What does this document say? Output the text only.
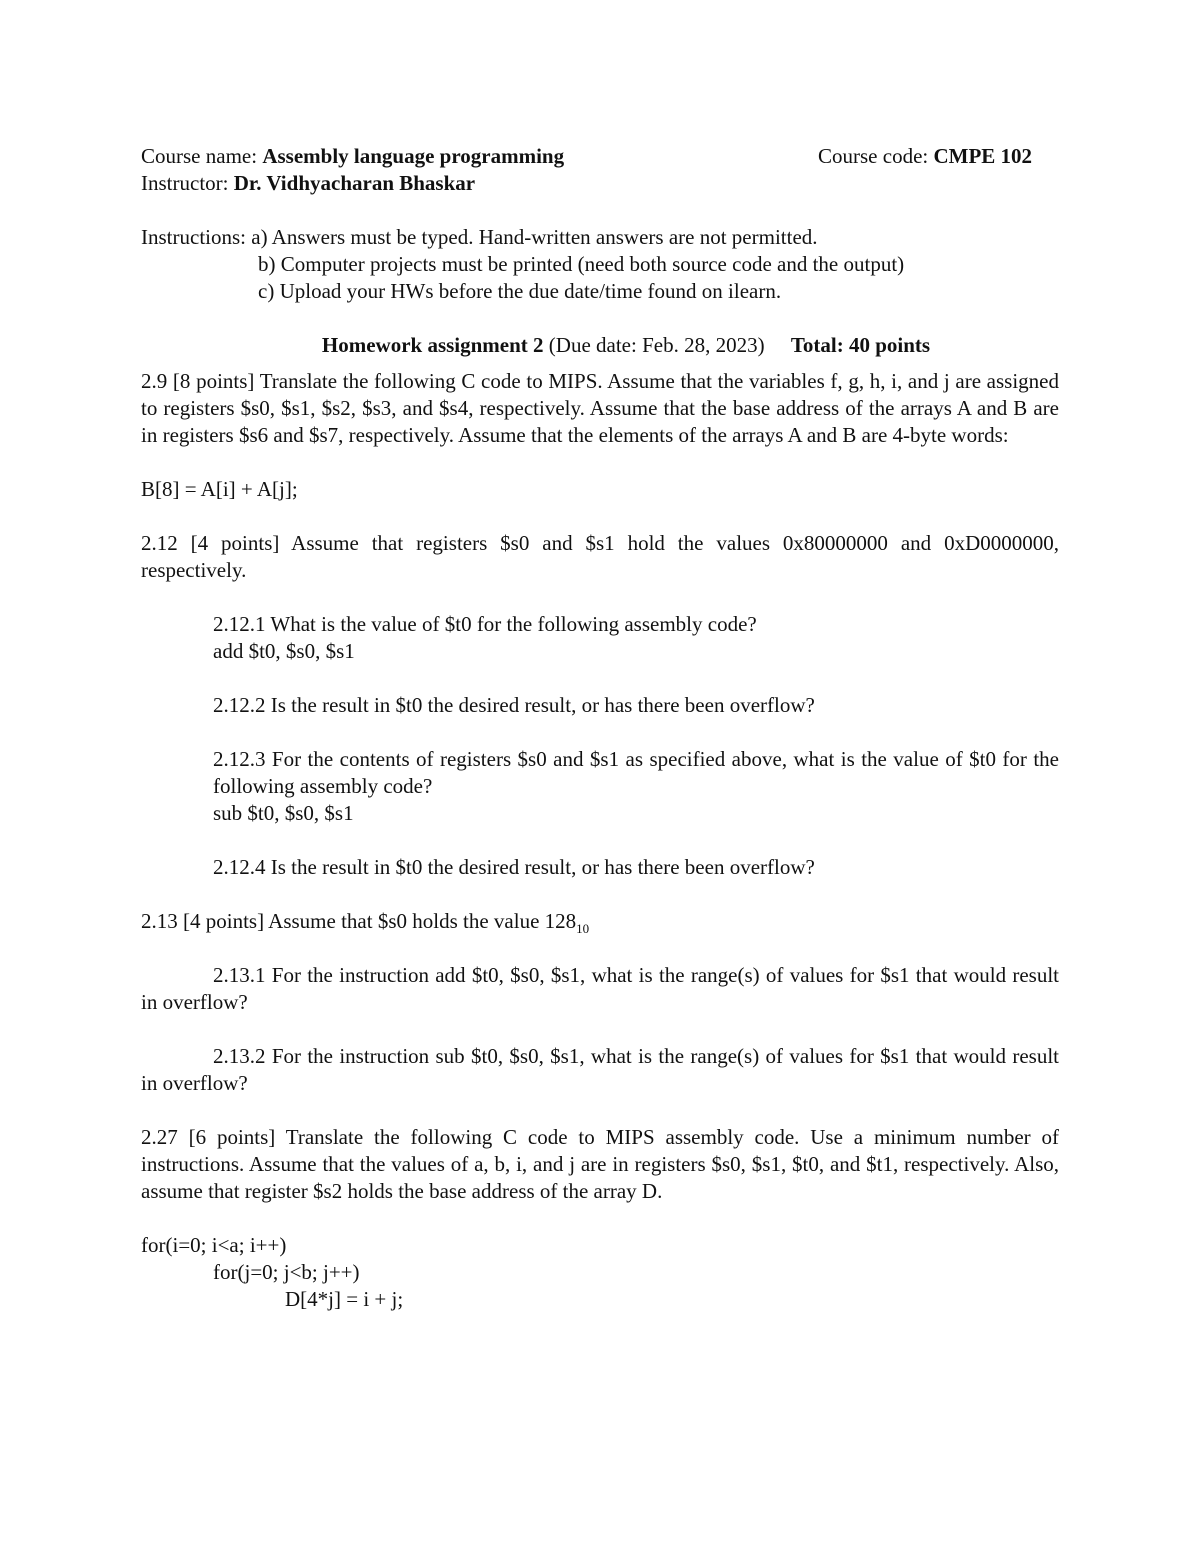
Course name: Assembly language programming	Course code: CMPE 102
Instructor: Dr. Vidhyacharan Bhaskar
Instructions: a) Answers must be typed. Hand-written answers are not permitted.
b) Computer projects must be printed (need both source code and the output)
c) Upload your HWs before the due date/time found on ilearn.
Homework assignment 2 (Due date: Feb. 28, 2023) Total: 40 points
2.9 [8 points] Translate the following C code to MIPS. Assume that the variables f, g, h, i, and j are assigned to registers $s0, $s1, $s2, $s3, and $s4, respectively. Assume that the base address of the arrays A and B are in registers $s6 and $s7, respectively. Assume that the elements of the arrays A and B are 4-byte words:
B[8] = A[i] + A[j];
2.12 [4 points] Assume that registers $s0 and $s1 hold the values 0x80000000 and 0xD0000000, respectively.
2.12.1 What is the value of $t0 for the following assembly code?
add $t0, $s0, $s1
2.12.2 Is the result in $t0 the desired result, or has there been overflow?
2.12.3 For the contents of registers $s0 and $s1 as specified above, what is the value of $t0 for the following assembly code?
sub $t0, $s0, $s1
2.12.4 Is the result in $t0 the desired result, or has there been overflow?
2.13 [4 points] Assume that $s0 holds the value $128_{10}$
2.13.1 For the instruction add $t0, $s0, $s1, what is the range(s) of values for $s1 that would result in overflow?
2.13.2 For the instruction sub $t0, $s0, $s1, what is the range(s) of values for $s1 that would result in overflow?
2.27 [6 points] Translate the following C code to MIPS assembly code. Use a minimum number of instructions. Assume that the values of a, b, i, and j are in registers $s0, $s1, $t0, and $t1, respectively. Also, assume that register $s2 holds the base address of the array D.
for(i=0; i<a; i++)
for(j=0; j<b; j++)
D[4*j] = i + j;
